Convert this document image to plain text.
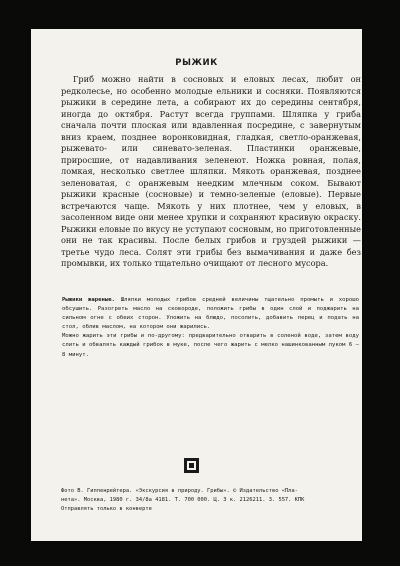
РЫЖИК

Гриб можно найти в сосновых и еловых лесах, любит он редколесье, но особенно молодые ельники и сосняки. Появляются рыжики в середине лета, а собирают их до середины сентября, иногда до октября. Растут всегда группами. Шляпка у гриба сначала почти плоская или вдавленная посредине, с завернутым вниз краем, позднее воронковидная, гладкая, светло-оранжевая, рыжевато- или синевато-зеленая. Пластинки оранжевые, приросшие, от надавливания зеленеют. Ножка ровная, полая, ломкая, несколько светлее шляпки. Мякоть оранжевая, позднее зеленоватая, с оранжевым неедким млечным соком. Бывают рыжики красные (сосновые) и темно-зеленые (еловые). Первые встречаются чаще. Мякоть у них плотнее, чем у еловых, в засоленном виде они менее хрупки и сохраняют красивую окраску. Рыжики еловые по вкусу не уступают сосновым, но приготовленные они не так красивы. После белых грибов и груздей рыжики — третье чудо леса. Солят эти грибы без вымачивания и даже без промывки, их только тщательно очищают от лесного мусора.

Рыжики жареные. Шляпки молодых грибов средней величины тщательно промыть и хорошо обсушить. Разогреть масло на сковороде, положить грибы в один слой и поджарить на сильном огне с обеих сторон. Уложить на блюдо, посолить, добавить перец и подать на стол, облив маслом, на котором они жарились.

Можно жарить эти грибы и по-другому: предварительно отварить в соленой воде, затем воду слить и обвалять каждый грибок в муке, после чего жарить с мелко нашинкованным луком 6 — 8 минут.

Фото В. Гиппенрейтера. «Экскурсия в природу. Грибы». © Издательство «Пла-
нета». Москва, 1980 г. 34/8а 4181. Т. 700 000. Ц. 3 к. 2126211. З. 557. КПК
Отправлять только в конверте
